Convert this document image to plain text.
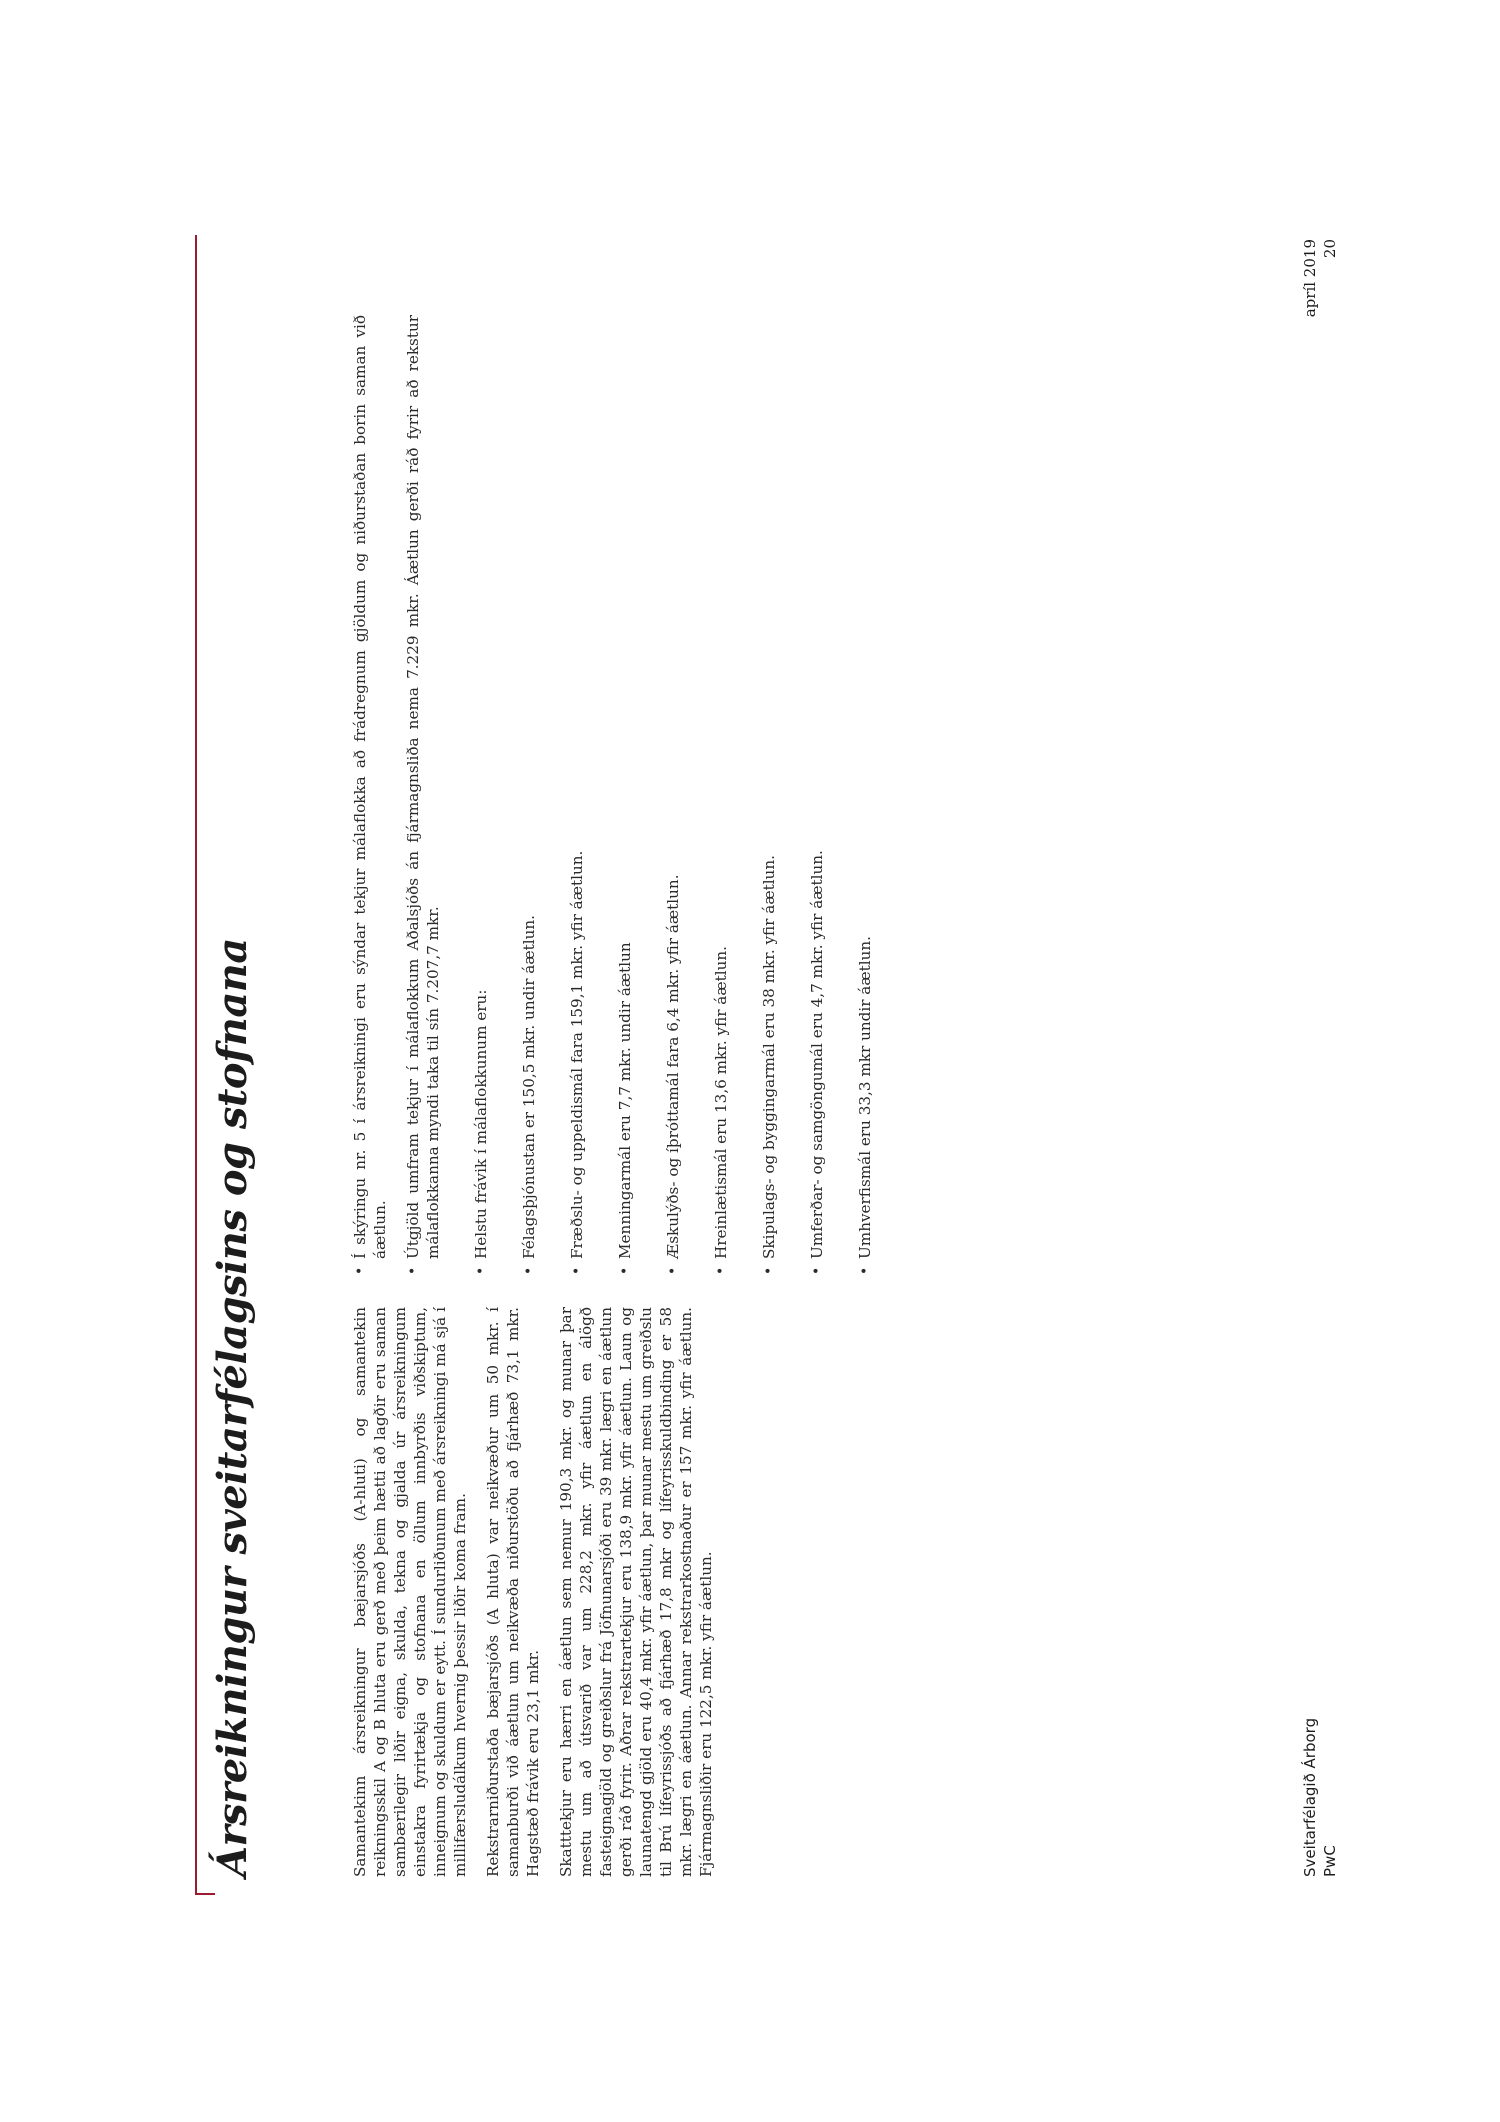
Ársreikningur sveitarfélagsins og stofnana	Samantekinn ársreikningur bæjarsjóðs (A-hluti) og samantekin reikningsskil A og B hluta eru gerð með þeim hætti að lagðir eru saman sambærilegir liðir eigna, skulda, tekna og gjalda úr ársreikningum einstakra fyrirtækja og stofnana en öllum innbyrðis viðskiptum, inneignum og skuldum er eytt. Í sundurliðunum með ársreikningi má sjá í millifærsludálkum hvernig þessir liðir koma fram. Rekstrarniðurstaða bæjarsjóðs (A hluta) var neikvæður um 50 mkr. í samanburði við áætlun um neikvæða niðurstöðu að fjárhæð 73,1 mkr. Hagstæð frávik eru 23,1 mkr. Skatttekjur eru hærri en áætlun sem nemur 190,3 mkr. og munar þar mestu um að útsvarið var um 228,2 mkr. yfir áætlun en álögð fasteignagjöld og greiðslur frá Jöfnunarsjóði eru 39 mkr. lægri en áætlun gerði ráð fyrir. Aðrar rekstrartekjur eru 138,9 mkr. yfir áætlun. Laun og launatengd gjöld eru 40,4 mkr. yfir áætlun, þar munar mestu um greiðslu til Brú lífeyrissjóðs að fjárhæð 17,8 mkr og lífeyrisskuldbinding er 58 mkr. lægri en áætlun. Annar rekstrarkostnaður er 157 mkr. yfir áætlun. Fjármagnsliðir eru 122,5 mkr. yfir áætlun.

• Í skýringu nr. 5 í ársreikningi eru sýndar tekjur málaflokka að frádregnum gjöldum og niðurstaðan borin saman við áætlun. • Útgjöld umfram tekjur í málaflokkum Aðalsjóðs án fjármagnsliða nema 7.229 mkr. Áætlun gerði ráð fyrir að rekstur málaflokkanna myndi taka til sín 7.207,7 mkr. • Helstu frávik í málaflokkunum eru: • Félagsþjónustan er 150,5 mkr. undir áætlun. • Fræðslu- og uppeldismál fara 159,1 mkr. yfir áætlun. • Menningarmál eru 7,7 mkr. undir áætlun • Æskulýðs- og íþróttamál fara 6,4 mkr. yfir áætlun. • Hreinlætismál eru 13,6 mkr. yfir áætlun. • Skipulags- og byggingarmál eru 38 mkr. yfir áætlun. • Umferðar- og samgöngumál eru 4,7 mkr. yfir áætlun. • Umhverfismál eru 33,3 mkr undir áætlun.
Sveitarfélagið Árborg PwC
apríl 2019 20
